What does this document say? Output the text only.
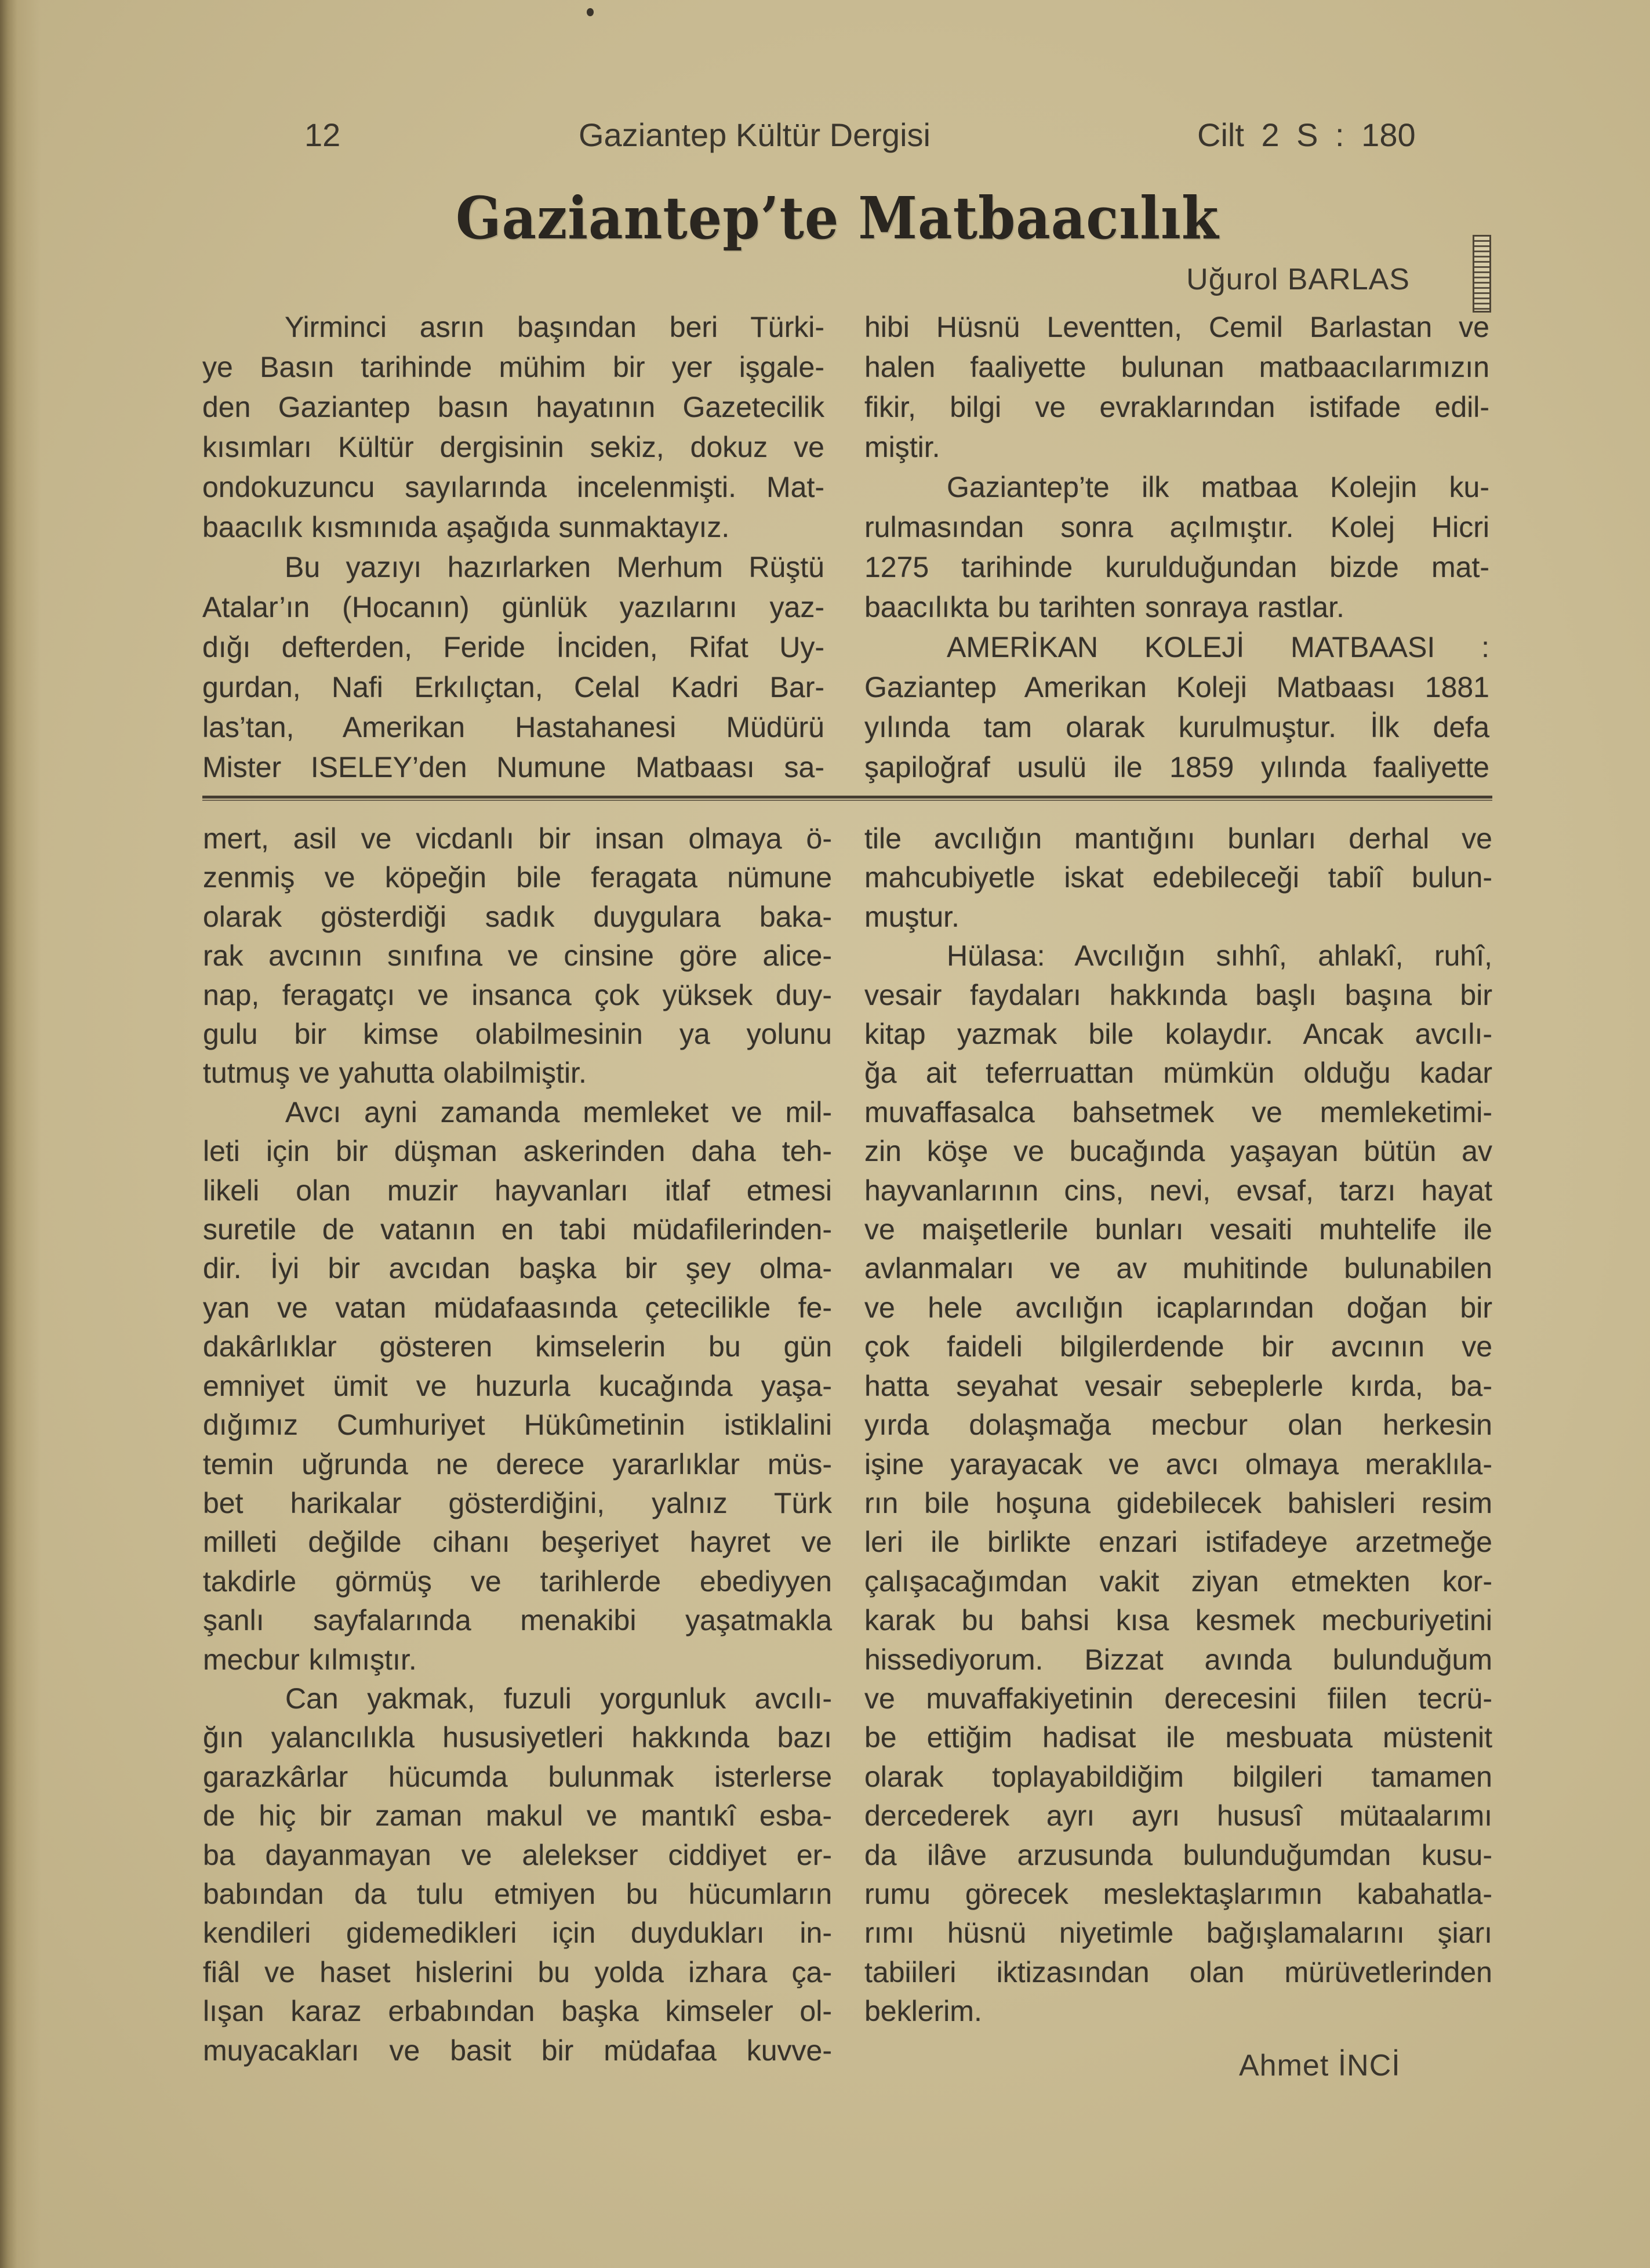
12	Gaziantep Kültür Dergisi	Cilt 2 S : 180
Gaziantep’te Matbaacılık
Uğurol BARLAS
Yirminci asrın başından beri Türki-
ye Basın tarihinde mühim bir yer işgale-
den Gaziantep basın hayatının Gazetecilik
kısımları Kültür dergisinin sekiz, dokuz ve
ondokuzuncu sayılarında incelenmişti. Mat-
baacılık kısmınıda aşağıda sunmaktayız.
Bu yazıyı hazırlarken Merhum Rüştü
Atalar’ın (Hocanın) günlük yazılarını yaz-
dığı defterden, Feride İnciden, Rifat Uy-
gurdan, Nafi Erkılıçtan, Celal Kadri Bar-
las’tan, Amerikan Hastahanesi Müdürü
Mister ISELEY’den Numune Matbaası sa-
hibi Hüsnü Leventten, Cemil Barlastan ve
halen faaliyette bulunan matbaacılarımızın
fikir, bilgi ve evraklarından istifade edil-
miştir.
Gaziantep’te ilk matbaa Kolejin ku-
rulmasından sonra açılmıştır. Kolej Hicri
1275 tarihinde kurulduğundan bizde mat-
baacılıkta bu tarihten sonraya rastlar.
AMERİKAN KOLEJİ MATBAASI :
Gaziantep Amerikan Koleji Matbaası 1881
yılında tam olarak kurulmuştur. İlk defa
şapiloğraf usulü ile 1859 yılında faaliyette
mert, asil ve vicdanlı bir insan olmaya ö-
zenmiş ve köpeğin bile feragata nümune
olarak gösterdiği sadık duygulara baka-
rak avcının sınıfına ve cinsine göre alice-
nap, feragatçı ve insanca çok yüksek duy-
gulu bir kimse olabilmesinin ya yolunu
tutmuş ve yahutta olabilmiştir.
Avcı ayni zamanda memleket ve mil-
leti için bir düşman askerinden daha teh-
likeli olan muzir hayvanları itlaf etmesi
suretile de vatanın en tabi müdafilerinden-
dir. İyi bir avcıdan başka bir şey olma-
yan ve vatan müdafaasında çetecilikle fe-
dakârlıklar gösteren kimselerin bu gün
emniyet ümit ve huzurla kucağında yaşa-
dığımız Cumhuriyet Hükûmetinin istiklalini
temin uğrunda ne derece yararlıklar müs-
bet harikalar gösterdiğini, yalnız Türk
milleti değilde cihanı beşeriyet hayret ve
takdirle görmüş ve tarihlerde ebediyyen
şanlı sayfalarında menakibi yaşatmakla
mecbur kılmıştır.
Can yakmak, fuzuli yorgunluk avcılı-
ğın yalancılıkla hususiyetleri hakkında bazı
garazkârlar hücumda bulunmak isterlerse
de hiç bir zaman makul ve mantıkî esba-
ba dayanmayan ve alelekser ciddiyet er-
babından da tulu etmiyen bu hücumların
kendileri gidemedikleri için duydukları in-
fiâl ve haset hislerini bu yolda izhara ça-
lışan karaz erbabından başka kimseler ol-
muyacakları ve basit bir müdafaa kuvve-
tile avcılığın mantığını bunları derhal ve
mahcubiyetle iskat edebileceği tabiî bulun-
muştur.
Hülasa: Avcılığın sıhhî, ahlakî, ruhî,
vesair faydaları hakkında başlı başına bir
kitap yazmak bile kolaydır. Ancak avcılı-
ğa ait teferruattan mümkün olduğu kadar
muvaffasalca bahsetmek ve memleketimi-
zin köşe ve bucağında yaşayan bütün av
hayvanlarının cins, nevi, evsaf, tarzı hayat
ve maişetlerile bunları vesaiti muhtelife ile
avlanmaları ve av muhitinde bulunabilen
ve hele avcılığın icaplarından doğan bir
çok faideli bilgilerdende bir avcının ve
hatta seyahat vesair sebeplerle kırda, ba-
yırda dolaşmağa mecbur olan herkesin
işine yarayacak ve avcı olmaya meraklıla-
rın bile hoşuna gidebilecek bahisleri resim
leri ile birlikte enzari istifadeye arzetmeğe
çalışacağımdan vakit ziyan etmekten kor-
karak bu bahsi kısa kesmek mecburiyetini
hissediyorum. Bizzat avında bulunduğum
ve muvaffakiyetinin derecesini fiilen tecrü-
be ettiğim hadisat ile mesbuata müstenit
olarak toplayabildiğim bilgileri tamamen
dercederek ayrı ayrı hususî mütaalarımı
da ilâve arzusunda bulunduğumdan kusu-
rumu görecek meslektaşlarımın kabahatla-
rımı hüsnü niyetimle bağışlamalarını şiarı
tabiileri iktizasından olan mürüvetlerinden
beklerim.
Ahmet İNCİ
